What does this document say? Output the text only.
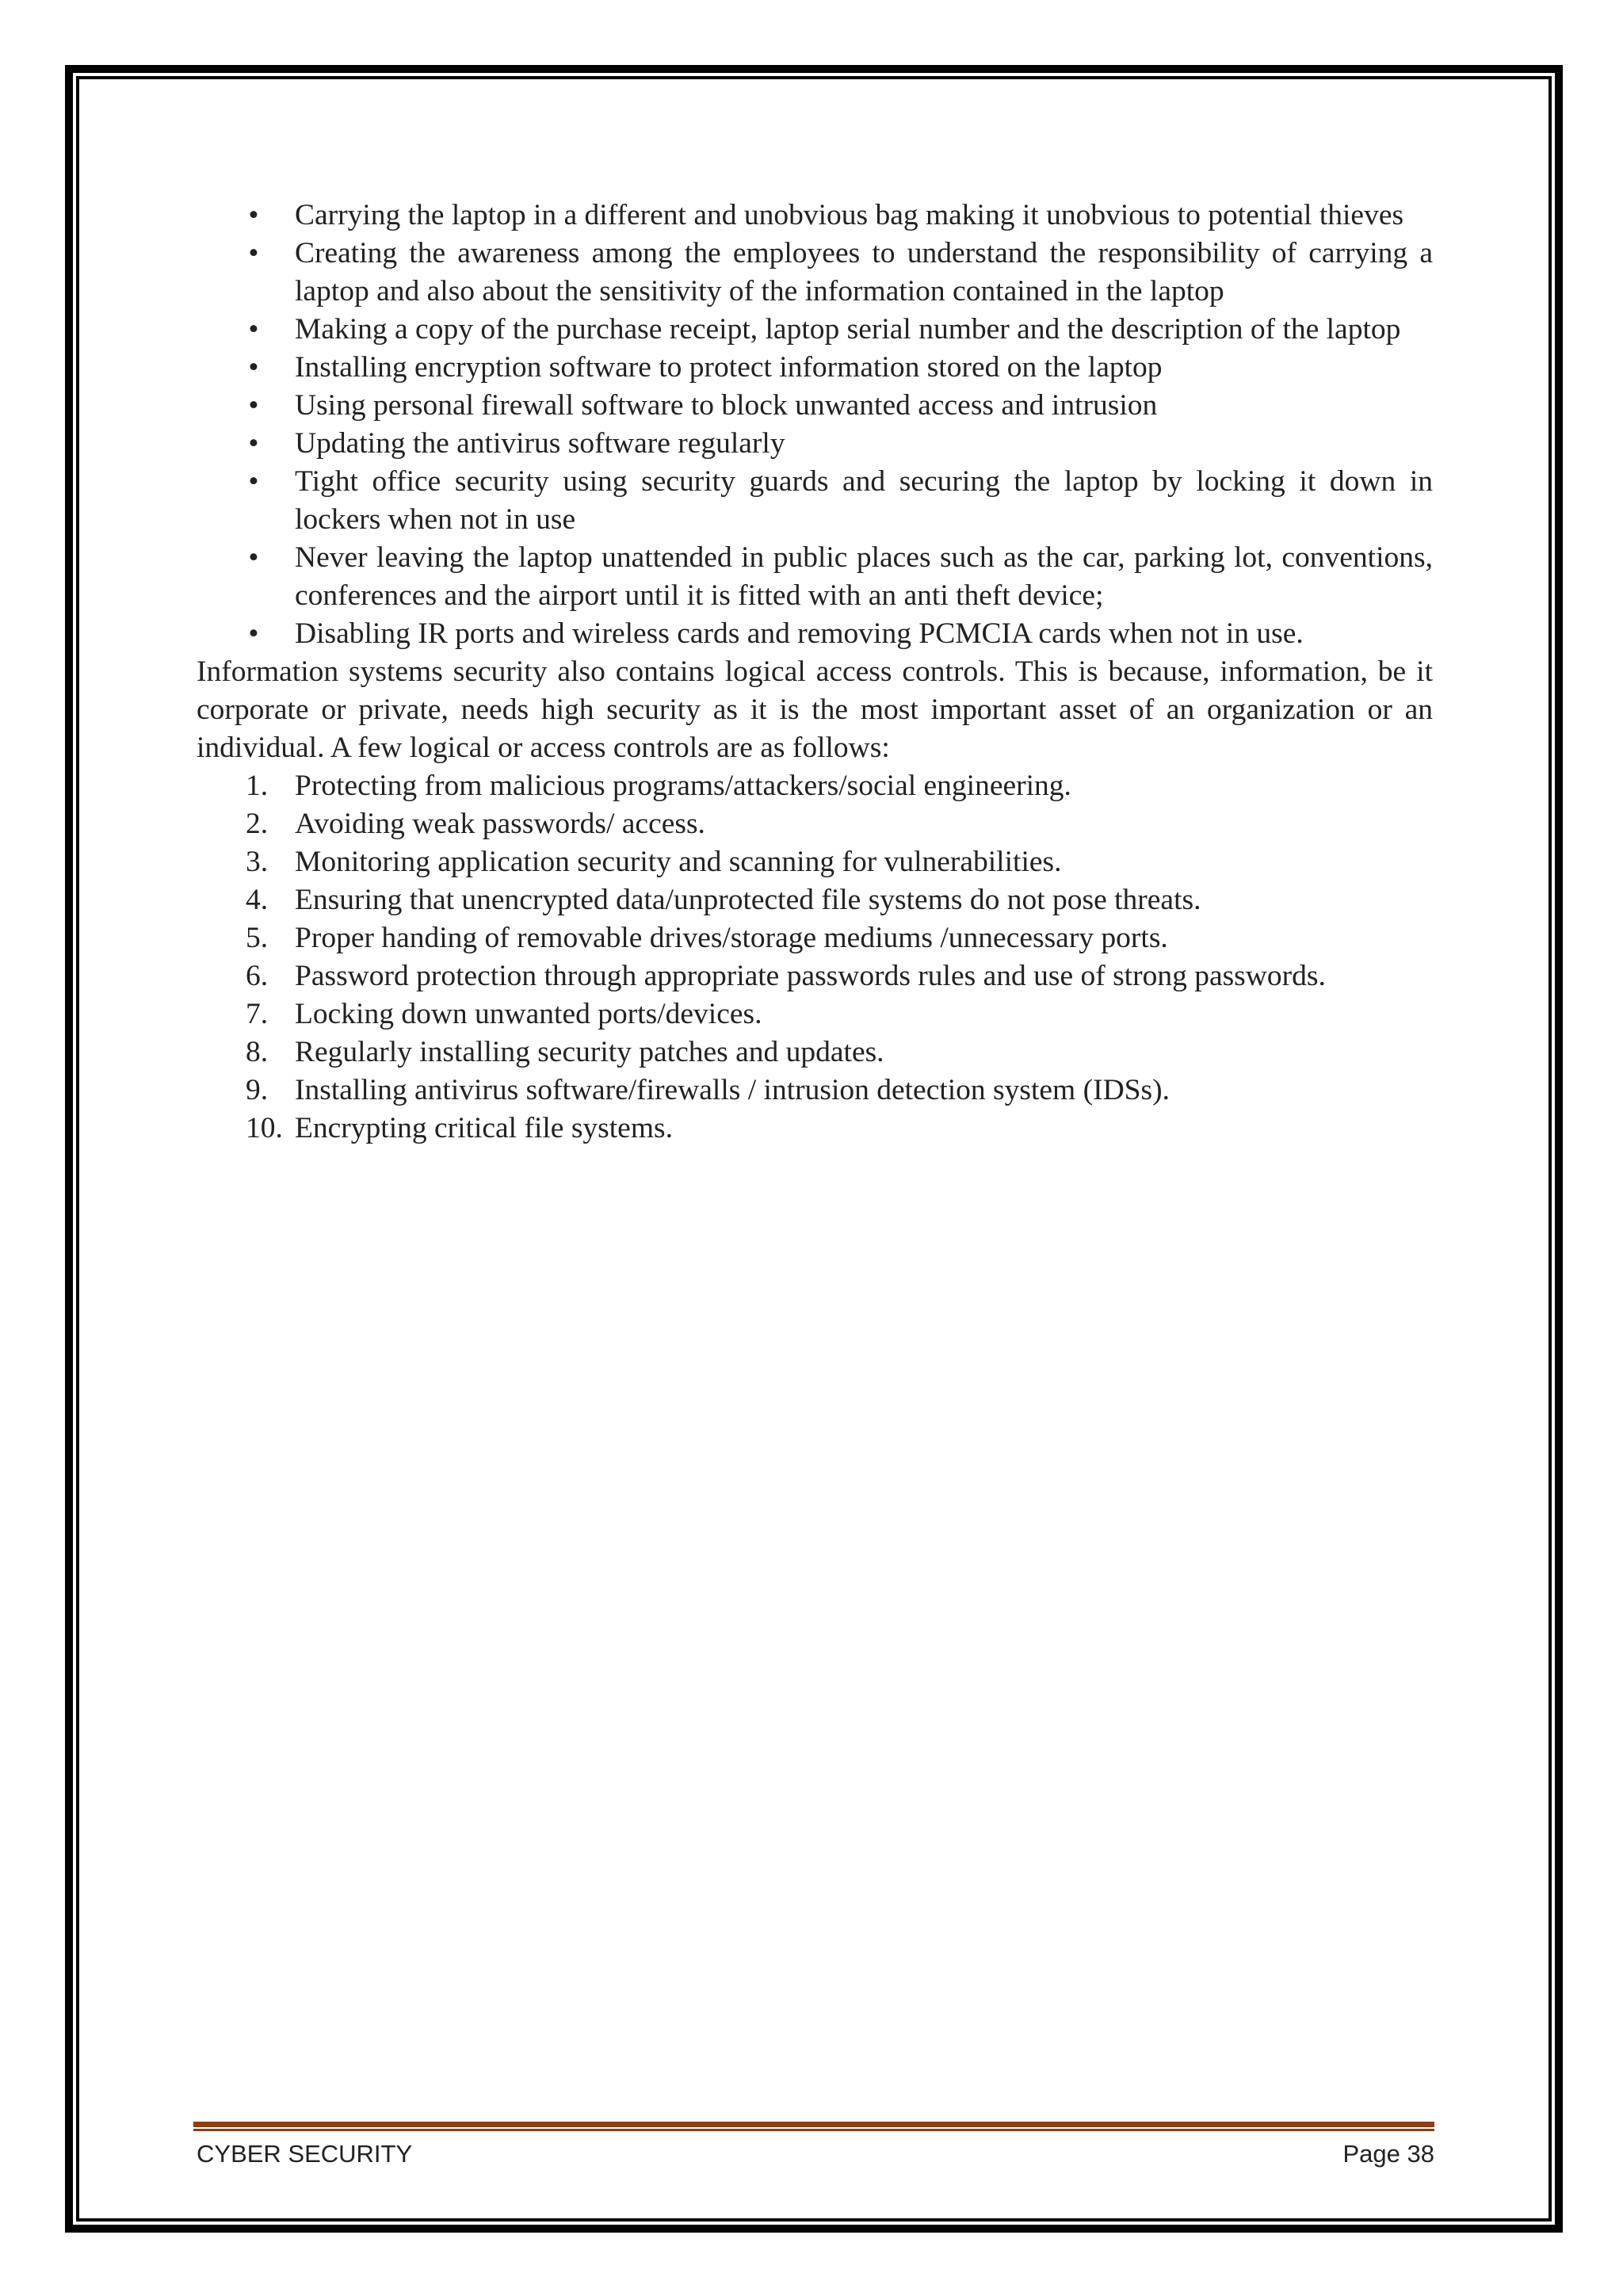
• Carrying the laptop in a different and unobvious bag making it unobvious to potential thieves
• Creating the awareness among the employees to understand the responsibility of carrying a laptop and also about the sensitivity of the information contained in the laptop
• Making a copy of the purchase receipt, laptop serial number and the description of the laptop
• Installing encryption software to protect information stored on the laptop
• Using personal firewall software to block unwanted access and intrusion
• Updating the antivirus software regularly
• Tight office security using security guards and securing the laptop by locking it down in lockers when not in use
• Never leaving the laptop unattended in public places such as the car, parking lot, conventions, conferences and the airport until it is fitted with an anti theft device;
• Disabling IR ports and wireless cards and removing PCMCIA cards when not in use.

Information systems security also contains logical access controls. This is because, information, be it corporate or private, needs high security as it is the most important asset of an organization or an individual. A few logical or access controls are as follows:

1. Protecting from malicious programs/attackers/social engineering.
2. Avoiding weak passwords/ access.
3. Monitoring application security and scanning for vulnerabilities.
4. Ensuring that unencrypted data/unprotected file systems do not pose threats.
5. Proper handing of removable drives/storage mediums /unnecessary ports.
6. Password protection through appropriate passwords rules and use of strong passwords.
7. Locking down unwanted ports/devices.
8. Regularly installing security patches and updates.
9. Installing antivirus software/firewalls / intrusion detection system (IDSs).
10. Encrypting critical file systems.
CYBER SECURITY	Page 38
